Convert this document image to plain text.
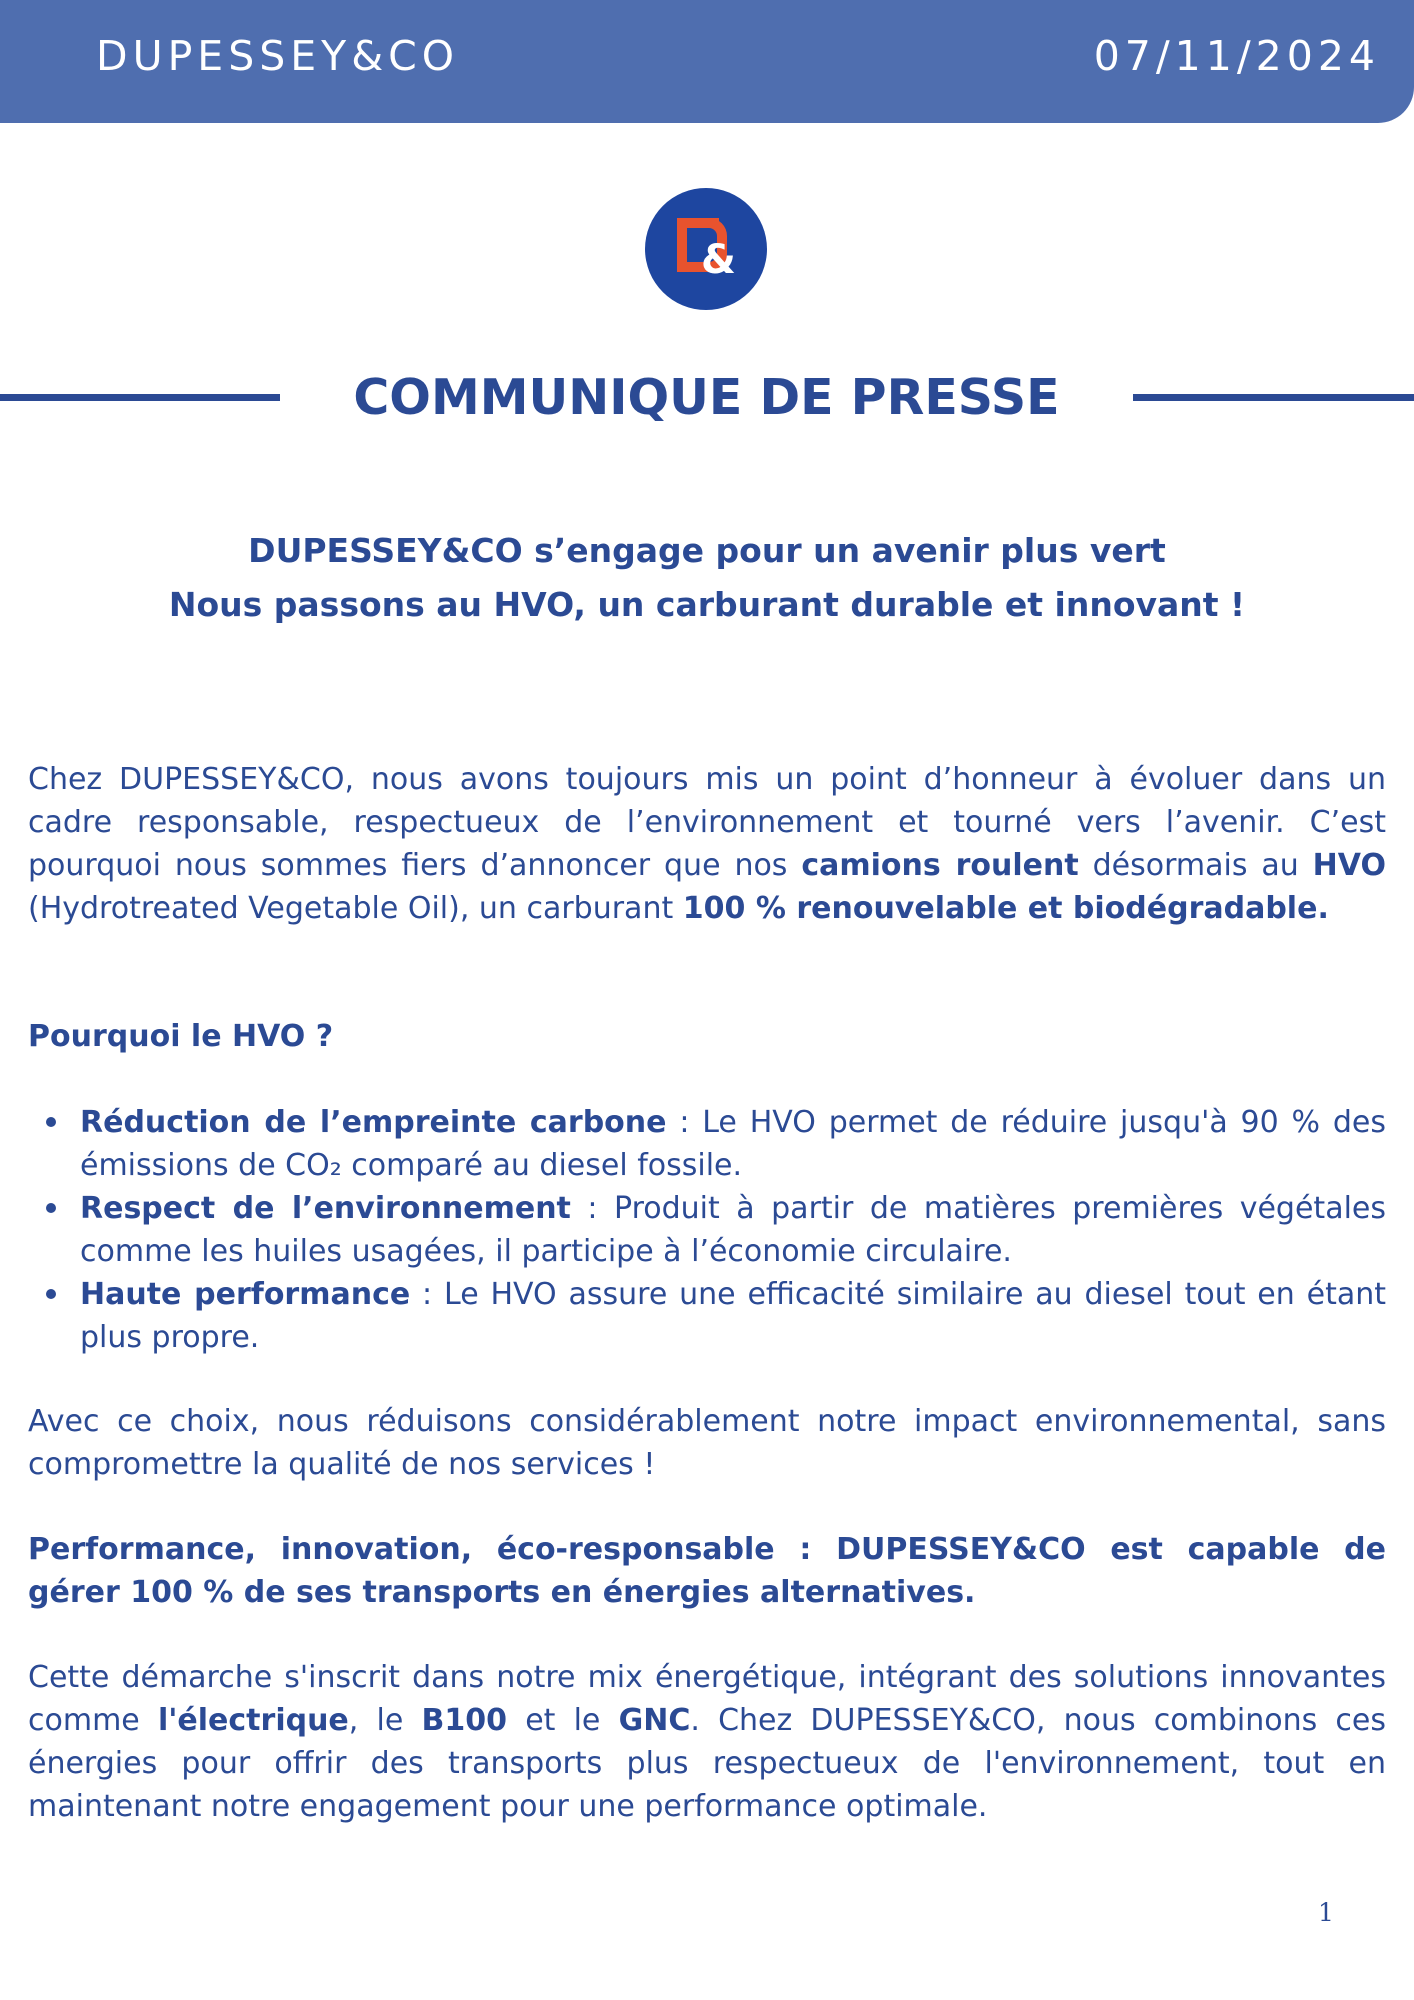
DUPESSEY&CO	07/11/2024
&
COMMUNIQUE DE PRESSE
DUPESSEY&CO s’engage pour un avenir plus vert
Nous passons au HVO, un carburant durable et innovant !
Chez DUPESSEY&CO, nous avons toujours mis un point d’honneur à évoluer dans un cadre responsable, respectueux de l’environnement et tourné vers l’avenir. C’est pourquoi nous sommes fiers d’annoncer que nos camions roulent désormais au HVO (Hydrotreated Vegetable Oil), un carburant 100 % renouvelable et biodégradable.
Pourquoi le HVO ?
Réduction de l’empreinte carbone : Le HVO permet de réduire jusqu'à 90 % des émissions de CO₂ comparé au diesel fossile.
Respect de l’environnement : Produit à partir de matières premières végétales comme les huiles usagées, il participe à l’économie circulaire.
Haute performance : Le HVO assure une efficacité similaire au diesel tout en étant plus propre.
Avec ce choix, nous réduisons considérablement notre impact environnemental, sans compromettre la qualité de nos services !
Performance, innovation, éco-responsable : DUPESSEY&CO est capable de gérer 100 % de ses transports en énergies alternatives.
Cette démarche s'inscrit dans notre mix énergétique, intégrant des solutions innovantes comme l'électrique, le B100 et le GNC. Chez DUPESSEY&CO, nous combinons ces énergies pour offrir des transports plus respectueux de l'environnement, tout en maintenant notre engagement pour une performance optimale.
1
